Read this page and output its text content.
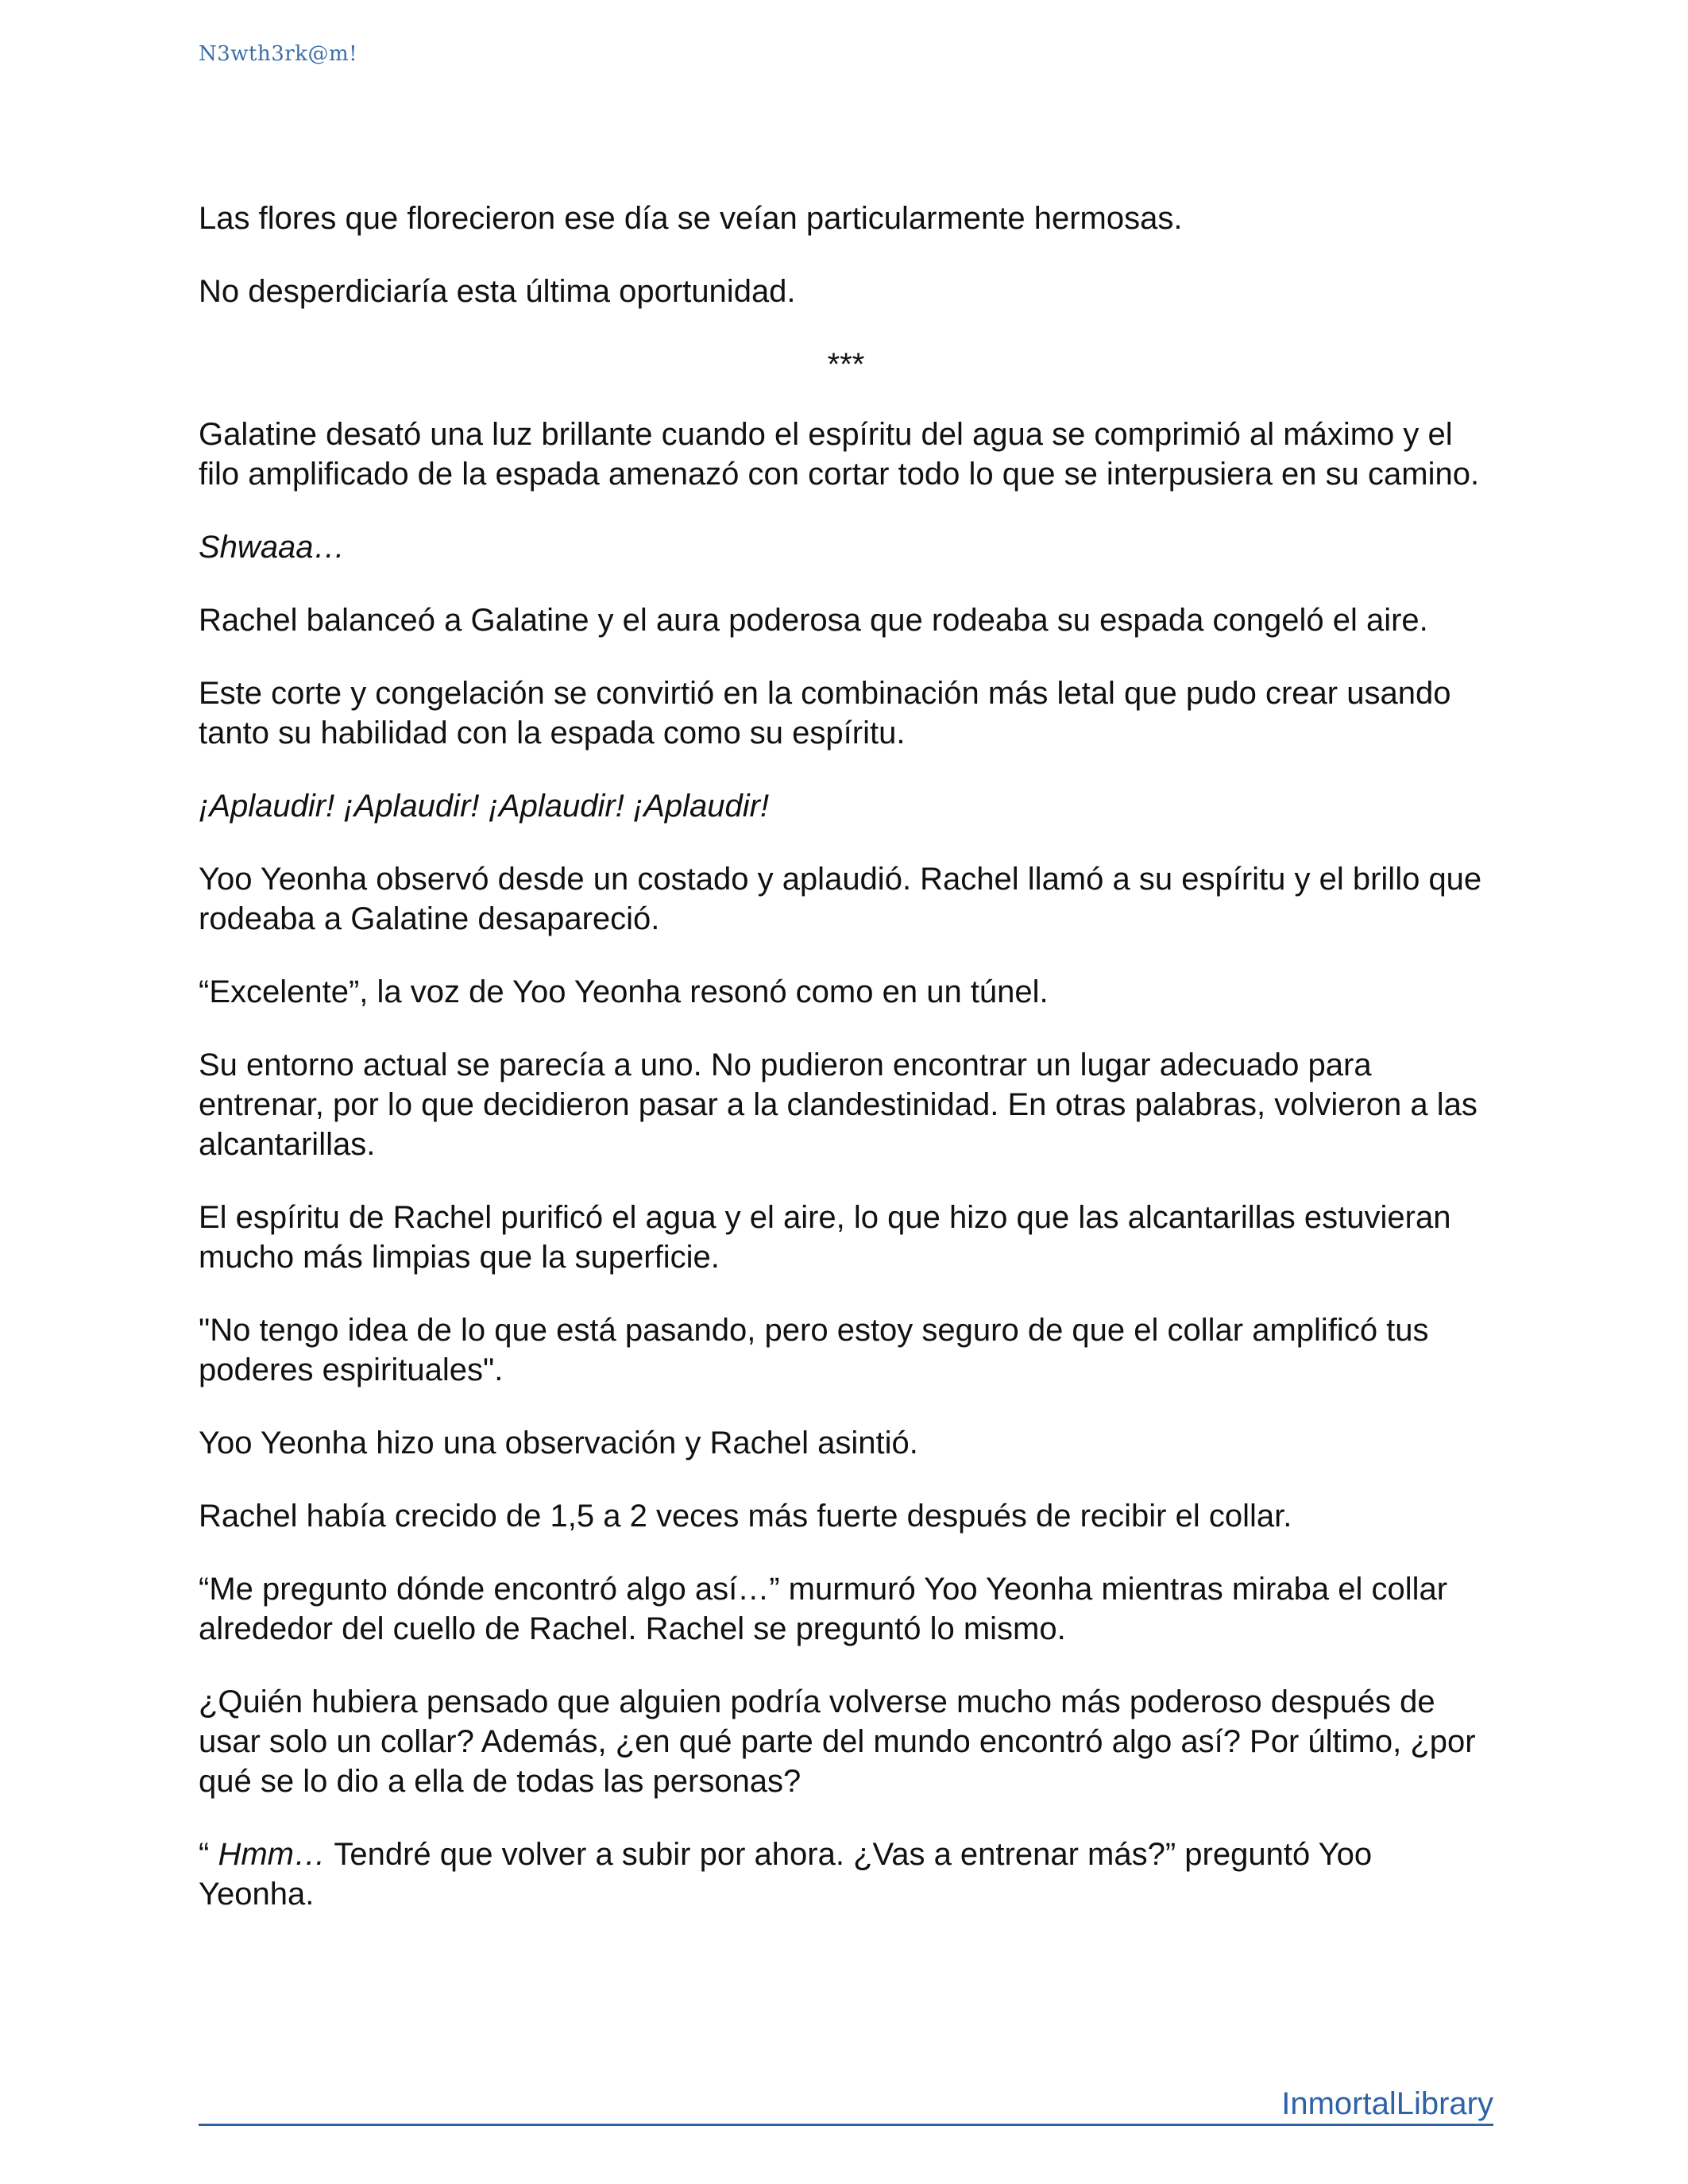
N3wth3rk@m!

Las flores que florecieron ese día se veían particularmente hermosas.

No desperdiciaría esta última oportunidad.

***

Galatine desató una luz brillante cuando el espíritu del agua se comprimió al máximo y el filo amplificado de la espada amenazó con cortar todo lo que se interpusiera en su camino.

Shwaaa…

Rachel balanceó a Galatine y el aura poderosa que rodeaba su espada congeló el aire.

Este corte y congelación se convirtió en la combinación más letal que pudo crear usando tanto su habilidad con la espada como su espíritu.

¡Aplaudir! ¡Aplaudir! ¡Aplaudir! ¡Aplaudir!

Yoo Yeonha observó desde un costado y aplaudió. Rachel llamó a su espíritu y el brillo que rodeaba a Galatine desapareció.

“Excelente”, la voz de Yoo Yeonha resonó como en un túnel.

Su entorno actual se parecía a uno. No pudieron encontrar un lugar adecuado para entrenar, por lo que decidieron pasar a la clandestinidad. En otras palabras, volvieron a las alcantarillas.

El espíritu de Rachel purificó el agua y el aire, lo que hizo que las alcantarillas estuvieran mucho más limpias que la superficie.

"No tengo idea de lo que está pasando, pero estoy seguro de que el collar amplificó tus poderes espirituales".

Yoo Yeonha hizo una observación y Rachel asintió.

Rachel había crecido de 1,5 a 2 veces más fuerte después de recibir el collar.

“Me pregunto dónde encontró algo así…” murmuró Yoo Yeonha mientras miraba el collar alrededor del cuello de Rachel. Rachel se preguntó lo mismo.

¿Quién hubiera pensado que alguien podría volverse mucho más poderoso después de usar solo un collar? Además, ¿en qué parte del mundo encontró algo así? Por último, ¿por qué se lo dio a ella de todas las personas?

“ Hmm… Tendré que volver a subir por ahora. ¿Vas a entrenar más?” preguntó Yoo Yeonha.

InmortalLibrary
